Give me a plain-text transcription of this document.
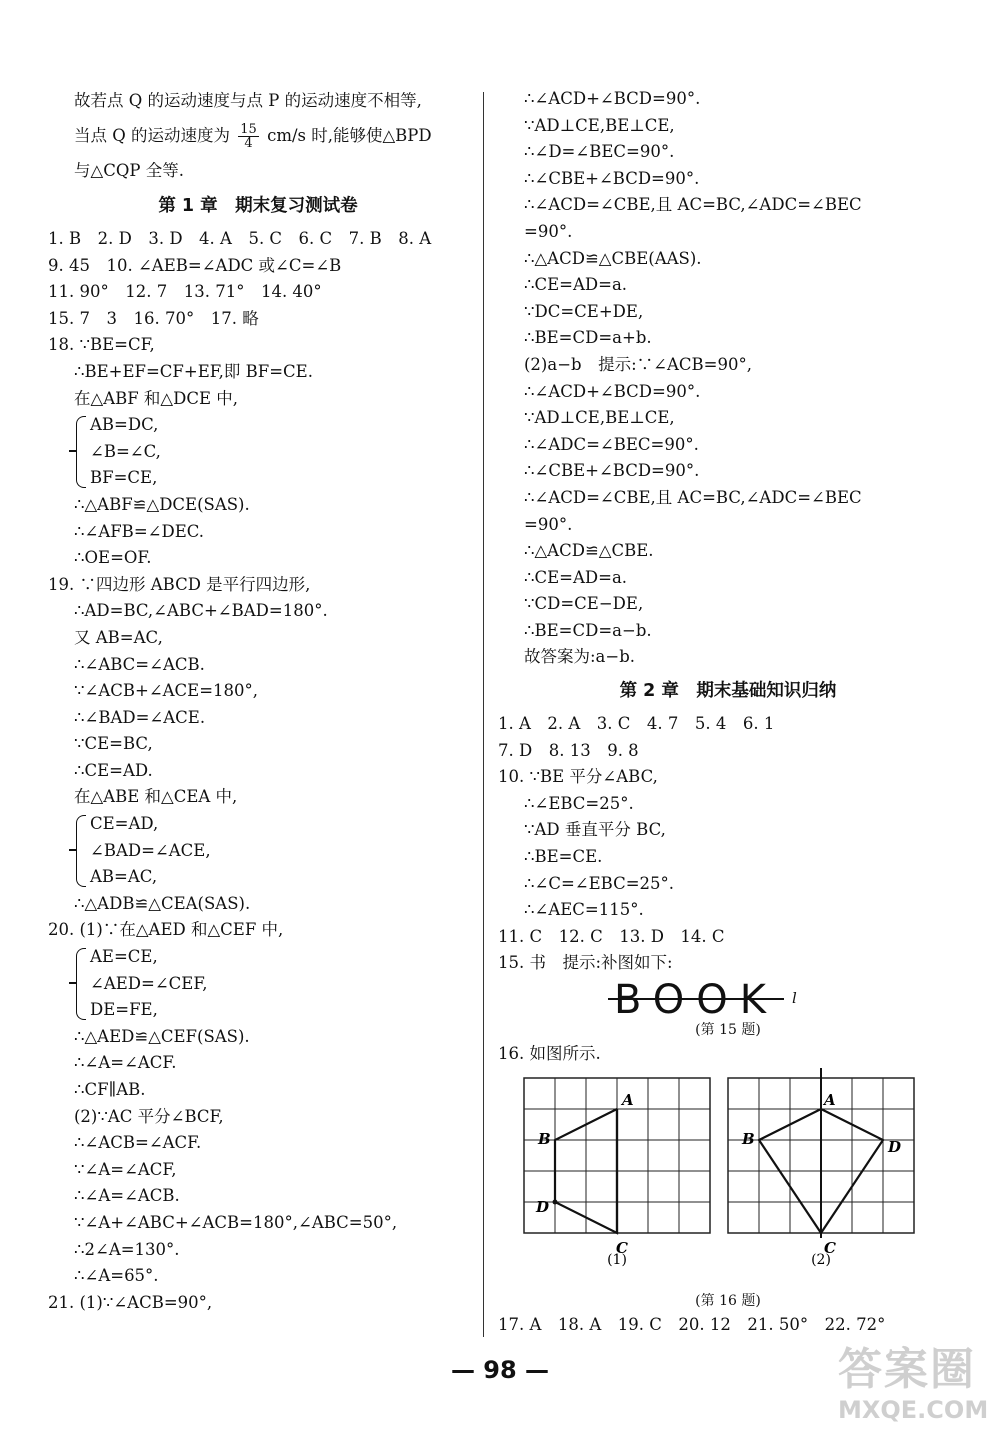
故若点 Q 的运动速度与点 P 的运动速度不相等,
当点 Q 的运动速度为 $\frac{15}{4} cm/s$ 时,能够使△BPD
与△CQP 全等.
第 1 章　期末复习测试卷
1. B　2. D　3. D　4. A　5. C　6. C　7. B　8. A
9. 45　10. ∠AEB=∠ADC 或∠C=∠B
11. 90°　12. 7　13. 71°　14. 40°
15. 7　3　16. 70°　17. 略
18. ∵BE=CF,
∴BE+EF=CF+EF,即 BF=CE.
在△ABF 和△DCE 中,
AB=DC,
∠B=∠C,
BF=CE,
∴△ABF≌△DCE(SAS).
∴∠AFB=∠DEC.
∴OE=OF.
19. ∵四边形 ABCD 是平行四边形,
∴AD=BC,∠ABC+∠BAD=180°.
又 AB=AC,
∴∠ABC=∠ACB.
∵∠ACB+∠ACE=180°,
∴∠BAD=∠ACE.
∵CE=BC,
∴CE=AD.
在△ABE 和△CEA 中,
CE=AD,
∠BAD=∠ACE,
AB=AC,
∴△ADB≌△CEA(SAS).
20. (1)∵在△AED 和△CEF 中,
AE=CE,
∠AED=∠CEF,
DE=FE,
∴△AED≌△CEF(SAS).
∴∠A=∠ACF.
∴CF∥AB.
(2)∵AC 平分∠BCF,
∴∠ACB=∠ACF.
∵∠A=∠ACF,
∴∠A=∠ACB.
∵∠A+∠ABC+∠ACB=180°,∠ABC=50°,
∴2∠A=130°.
∴∠A=65°.
21. (1)∵∠ACB=90°,
∴∠ACD+∠BCD=90°.
∵AD⊥CE,BE⊥CE,
∴∠D=∠BEC=90°.
∴∠CBE+∠BCD=90°.
∴∠ACD=∠CBE,且 AC=BC,∠ADC=∠BEC
=90°.
∴△ACD≌△CBE(AAS).
∴CE=AD=a.
∵DC=CE+DE,
∴BE=CD=a+b.
(2)a−b　提示:∵∠ACB=90°,
∴∠ACD+∠BCD=90°.
∵AD⊥CE,BE⊥CE,
∴∠ADC=∠BEC=90°.
∴∠CBE+∠BCD=90°.
∴∠ACD=∠CBE,且 AC=BC,∠ADC=∠BEC
=90°.
∴△ACD≌△CBE.
∴CE=AD=a.
∵CD=CE−DE,
∴BE=CD=a−b.
故答案为:a−b.
第 2 章　期末基础知识归纳
1. A　2. A　3. C　4. 7　5. 4　6. 1
7. D　8. 13　9. 8
10. ∵BE 平分∠ABC,
∴∠EBC=25°.
∵AD 垂直平分 BC,
∴BE=CE.
∴∠C=∠EBC=25°.
∴∠AEC=115°.
11. C　12. C　13. D　14. C
15. 书　提示:补图如下:
BOOK l
(第 15 题)
16. 如图所示.
A
B
D
C
A
B	D
C
(1)	(2)
(第 16 题)
17. A　18. A　19. C　20. 12　21. 50°　22. 72°
— 98 —	答案圈
MXQE.COM
